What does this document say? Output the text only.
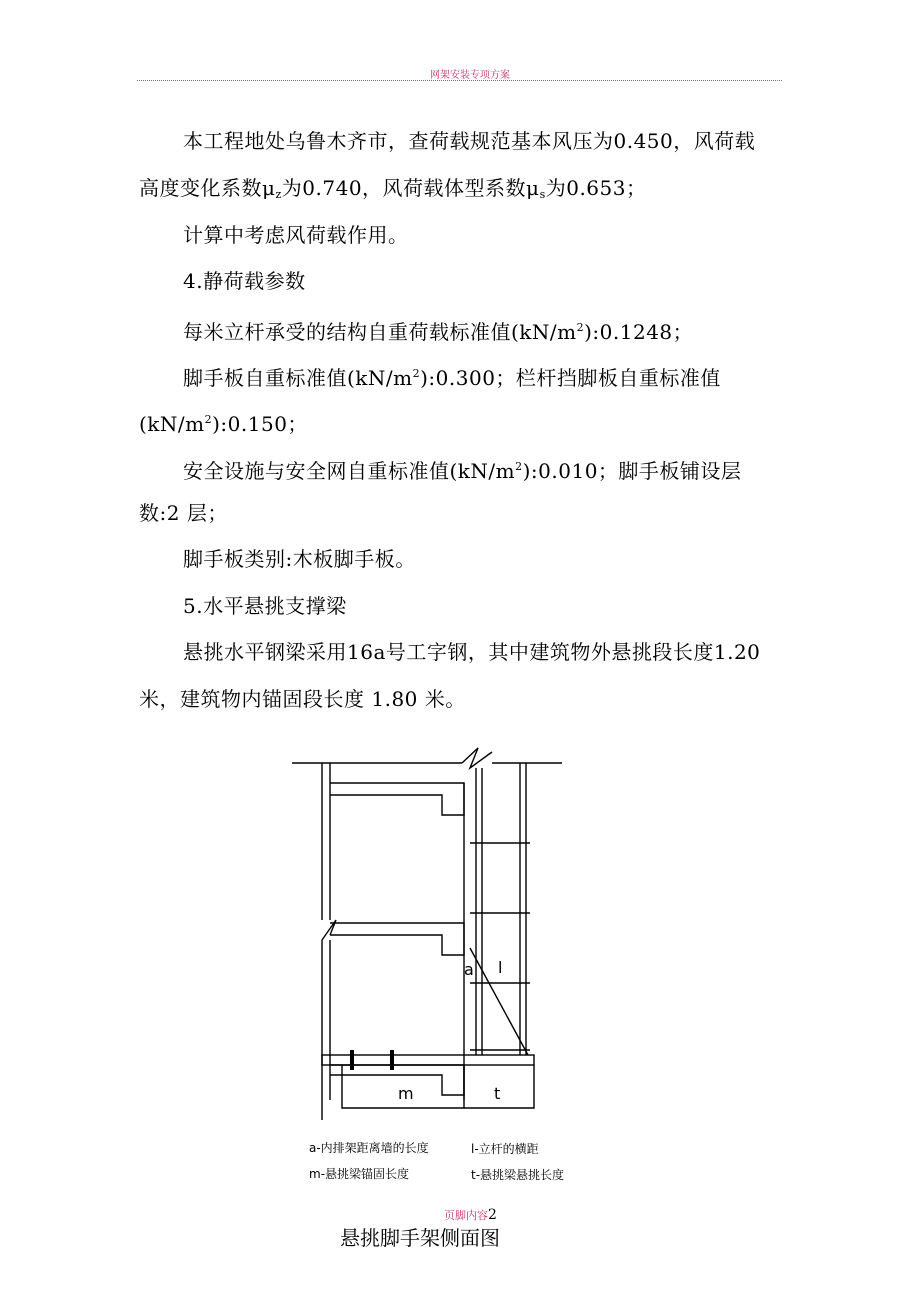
网架安装专项方案
本工程地处乌鲁木齐市，查荷载规范基本风压为0.450，风荷载
高度变化系数$\mu_z$为0.740，风荷载体型系数$\mu_s$为0.653；
计算中考虑风荷载作用。
4.静荷载参数
每米立杆承受的结构自重荷载标准值$(kN/m^2):0.1248$；
脚手板自重标准值$(kN/m^2):0.300$；栏杆挡脚板自重标准值
$(kN/m^2):0.150$；
安全设施与安全网自重标准值$(kN/m^2):0.010$；脚手板铺设层
数:2 层；
脚手板类别:木板脚手板。
5.水平悬挑支撑梁
悬挑水平钢梁采用16a号工字钢，其中建筑物外悬挑段长度1.20
米，建筑物内锚固段长度 1.80 米。
a l
m	t
a-内排架距离墙的长度	l-立杆的横距
m-悬挑梁锚固长度	t-悬挑梁悬挑长度
页脚内容2
悬挑脚手架侧面图
